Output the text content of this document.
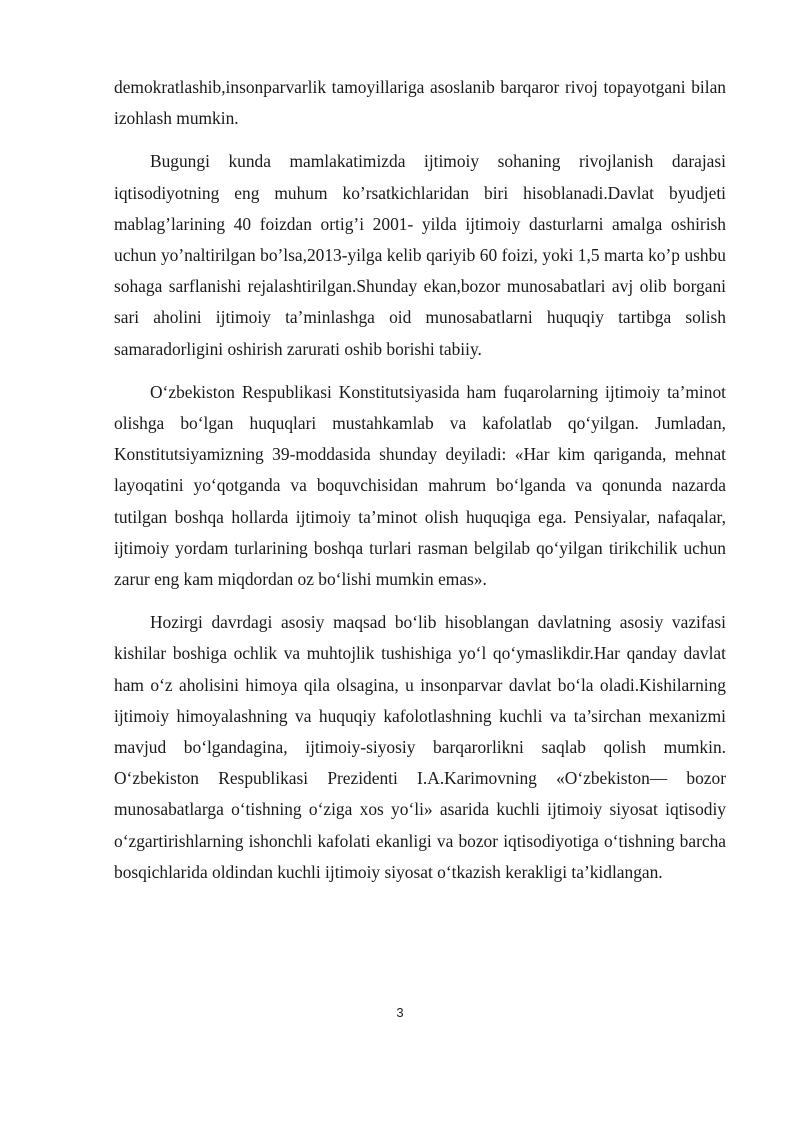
demokratlashib,insonparvarlik tamoyillariga asoslanib barqaror rivoj topayotgani bilan izohlash mumkin.

Bugungi kunda mamlakatimizda ijtimoiy sohaning rivojlanish darajasi iqtisodiyotning eng muhum ko’rsatkichlaridan biri hisoblanadi.Davlat byudjeti mablag’larining 40 foizdan ortig’i 2001- yilda ijtimoiy dasturlarni amalga oshirish uchun yo’naltirilgan bo’lsa,2013-yilga kelib qariyib 60 foizi, yoki 1,5 marta ko’p ushbu sohaga sarflanishi rejalashtirilgan.Shunday ekan,bozor munosabatlari avj olib borgani sari aholini ijtimoiy ta’minlashga oid munosabatlarni huquqiy tartibga solish samaradorligini oshirish zarurati oshib borishi tabiiy.

O‘zbekiston Respublikasi Konstitutsiyasida ham fuqarolarning ijtimoiy ta’minot olishga bo‘lgan huquqlari mustahkamlab va kafolatlab qo‘yilgan. Jumladan, Konstitutsiyamizning 39-moddasida shunday deyiladi: «Har kim qariganda, mehnat layoqatini yo‘qotganda va boquvchisidan mahrum bo‘lganda va qonunda nazarda tutilgan boshqa hollarda ijtimoiy ta’minot olish huquqiga ega. Pensiyalar, nafaqalar, ijtimoiy yordam turlarining boshqa turlari rasman belgilab qo‘yilgan tirikchilik uchun zarur eng kam miqdordan oz bo‘lishi mumkin emas».

Hozirgi davrdagi asosiy maqsad bo‘lib hisoblangan davlatning asosiy vazifasi kishilar boshiga ochlik va muhtojlik tushishiga yo‘l qo‘ymaslikdir.Har qanday davlat ham o‘z aholisini himoya qila olsagina, u insonparvar davlat bo‘la oladi.Kishilarning ijtimoiy himoyalashning va huquqiy kafolotlashning kuchli va ta’sirchan mexanizmi mavjud bo‘lgandagina, ijtimoiy-siyosiy barqarorlikni saqlab qolish mumkin. O‘zbekiston Respublikasi Prezidenti I.A.Karimovning «O‘zbekiston— bozor munosabatlarga o‘tishning o‘ziga xos yo‘li» asarida kuchli ijtimoiy siyosat iqtisodiy o‘zgartirishlarning ishonchli kafolati ekanligi va bozor iqtisodiyotiga o‘tishning barcha bosqichlarida oldindan kuchli ijtimoiy siyosat o‘tkazish kerakligi ta’kidlangan.

3
